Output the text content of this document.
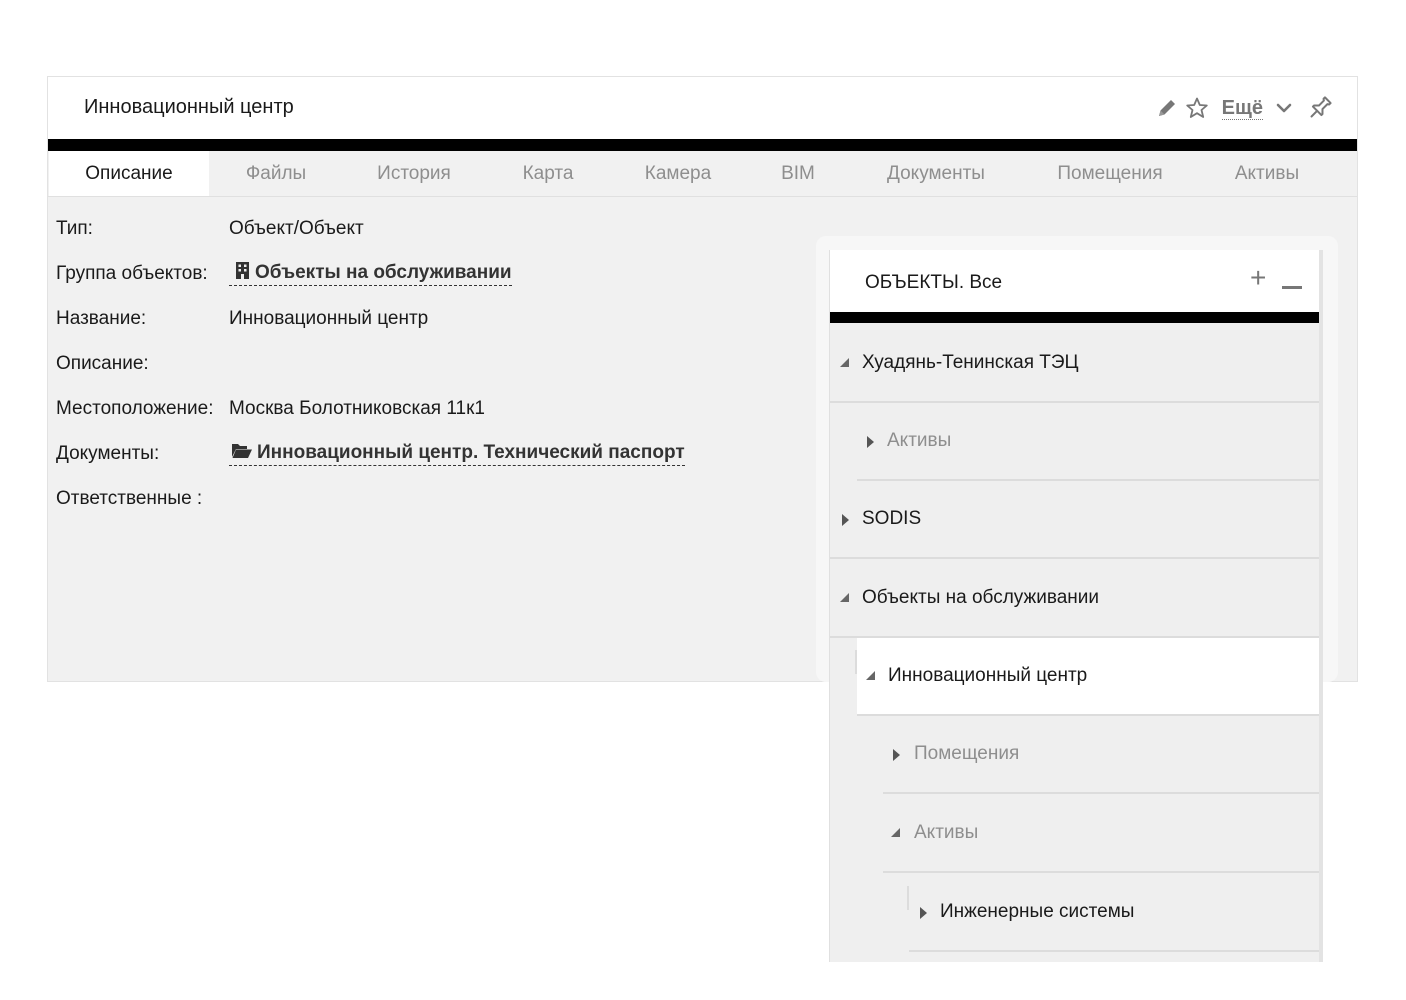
Инновационный центр	Ещё
Описание	Файлы	История	Карта	Камера	BIM	Документы	Помещения	Активы
Тип:	Объект/Объект
Группа объектов: Объекты на обслуживании
Название:	Инновационный центр
Описание:
Местоположение: Москва Болотниковская 11к1
Документы:	Инновационный центр. Технический паспорт
Ответственные :
ОБЪЕКТЫ. Все	+
Хуадянь-Тенинская ТЭЦ
Активы
SODIS
Объекты на обслуживании
Инновационный центр
Помещения
Активы
Инженерные системы
